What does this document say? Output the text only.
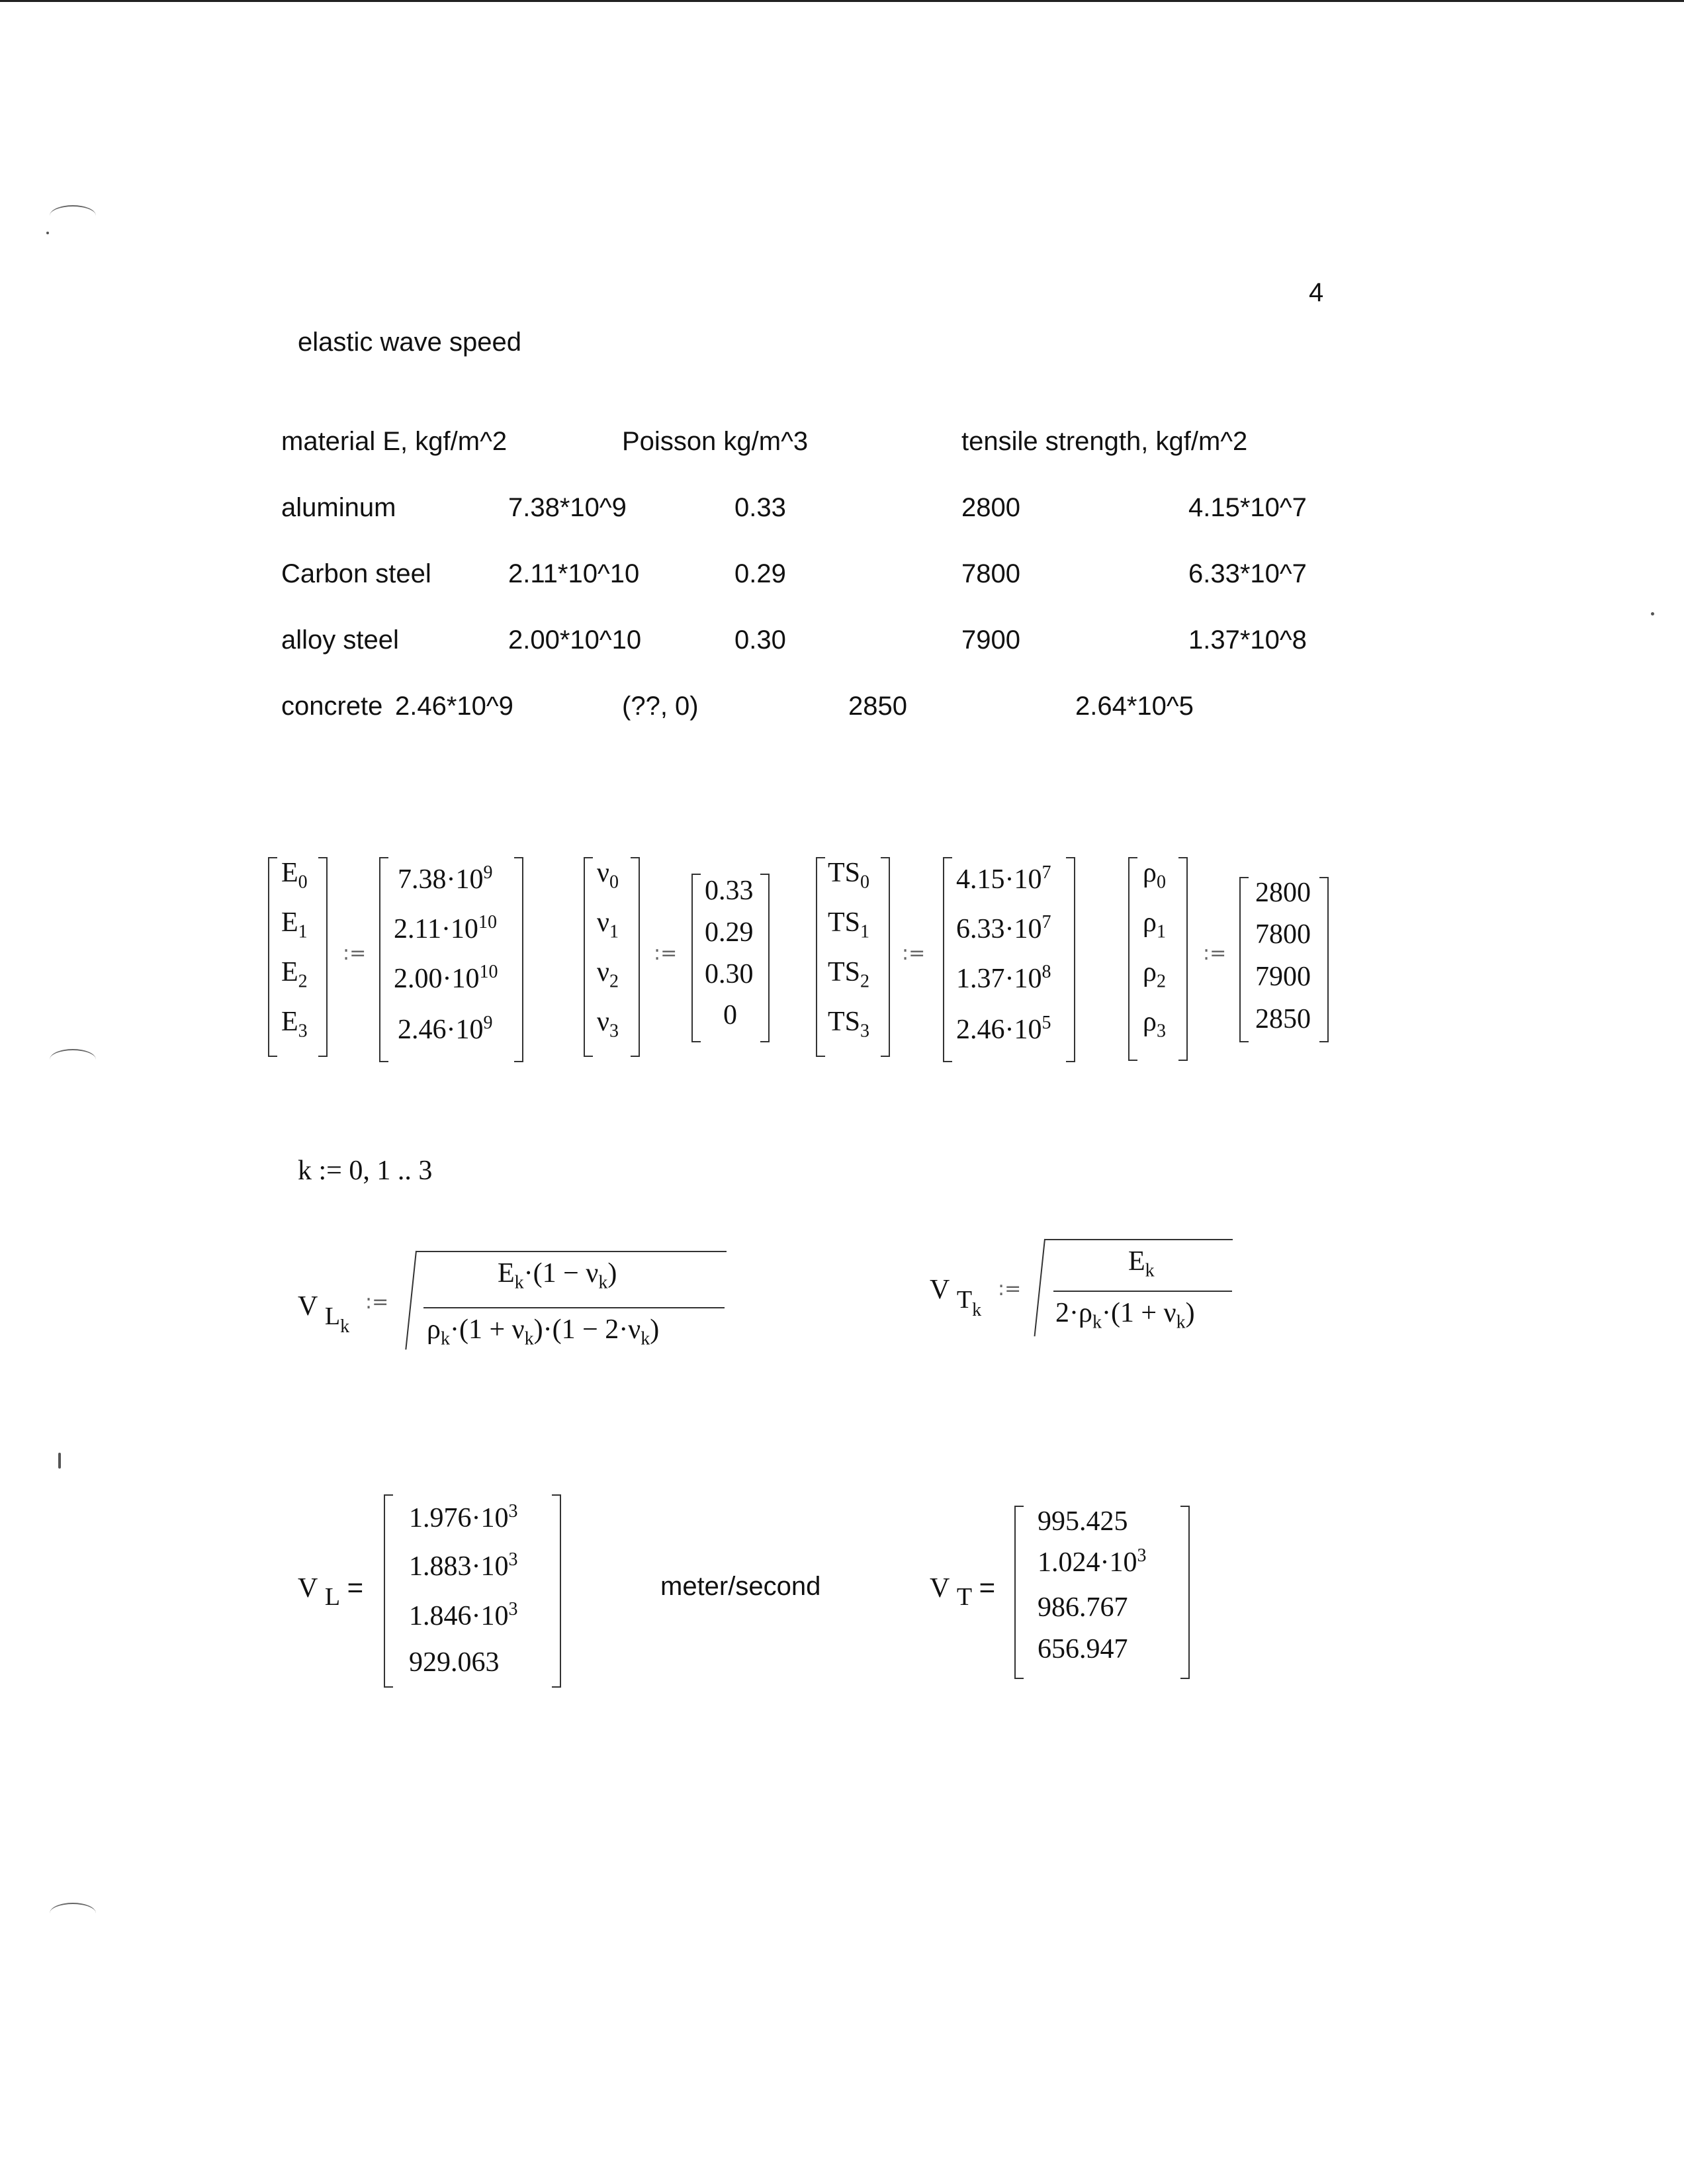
4
elastic wave speed
material E, kgf/m^2	Poisson kg/m^3	tensile strength, kgf/m^2
aluminum	7.38*10^9	0.33	2800	4.15*10^7
Carbon steel	2.11*10^10	0.29	7800	6.33*10^7
alloy steel	2.00*10^10	0.30	7900	1.37*10^8
concrete 2.46*10^9	(??, 0)	2850	2.64*10^5
$E_0$
$E_1$
$E_2$
$E_3$
:=
$7.38\cdot 10^9$
$2.11\cdot 10^{10}$
$2.00\cdot 10^{10}$
$2.46\cdot 10^9$
$\nu_0$
$\nu_1$
$\nu_2$
$\nu_3$
:=
0.33
0.29
0.30
0
$TS_0$
$TS_1$
$TS_2$
$TS_3$
:=
$4.15\cdot 10^7$
$6.33\cdot 10^7$
$1.37\cdot 10^8$
$2.46\cdot 10^5$
$\rho_0$
$\rho_1$
$\rho_2$
$\rho_3$
:=
2800
7800
7900
2850
k := 0, 1 .. 3
V $L_k$
:=
$E_k\cdot(1 - \nu_k)$
$\rho_k\cdot(1 + \nu_k)\cdot(1 - 2\cdot\nu_k)$
V $T_k$
:=
$E_k$
$2\cdot\rho_k\cdot(1 + \nu_k)$
V L =
$1.976\cdot 10^3$
$1.883\cdot 10^3$
$1.846\cdot 10^3$
929.063
meter/second	V T =
995.425
$1.024\cdot 10^3$
986.767
656.947
